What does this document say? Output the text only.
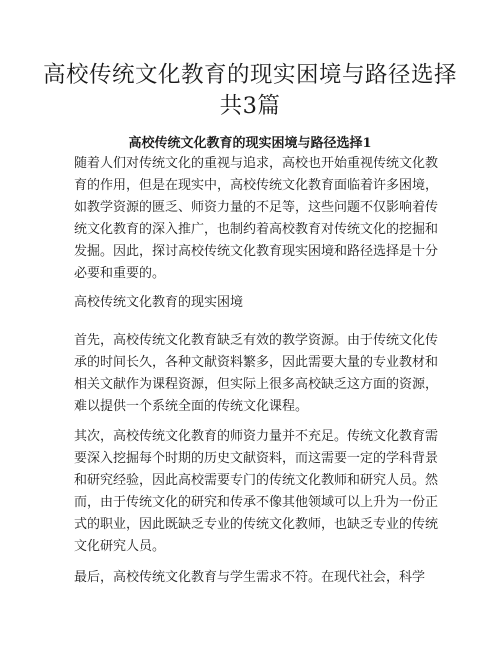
高校传统文化教育的现实困境与路径选择共3篇
高校传统文化教育的现实困境与路径选择1

随着人们对传统文化的重视与追求，高校也开始重视传统文化教育的作用，但是在现实中，高校传统文化教育面临着许多困境，如教学资源的匮乏、师资力量的不足等，这些问题不仅影响着传统文化教育的深入推广，也制约着高校教育对传统文化的挖掘和发掘。因此，探讨高校传统文化教育现实困境和路径选择是十分必要和重要的。

高校传统文化教育的现实困境

首先，高校传统文化教育缺乏有效的教学资源。由于传统文化传承的时间长久，各种文献资料繁多，因此需要大量的专业教材和相关文献作为课程资源，但实际上很多高校缺乏这方面的资源，难以提供一个系统全面的传统文化课程。

其次，高校传统文化教育的师资力量并不充足。传统文化教育需要深入挖掘每个时期的历史文献资料，而这需要一定的学科背景和研究经验，因此高校需要专门的传统文化教师和研究人员。然而，由于传统文化的研究和传承不像其他领域可以上升为一份正式的职业，因此既缺乏专业的传统文化教师，也缺乏专业的传统文化研究人员。

最后，高校传统文化教育与学生需求不符。在现代社会，科学
